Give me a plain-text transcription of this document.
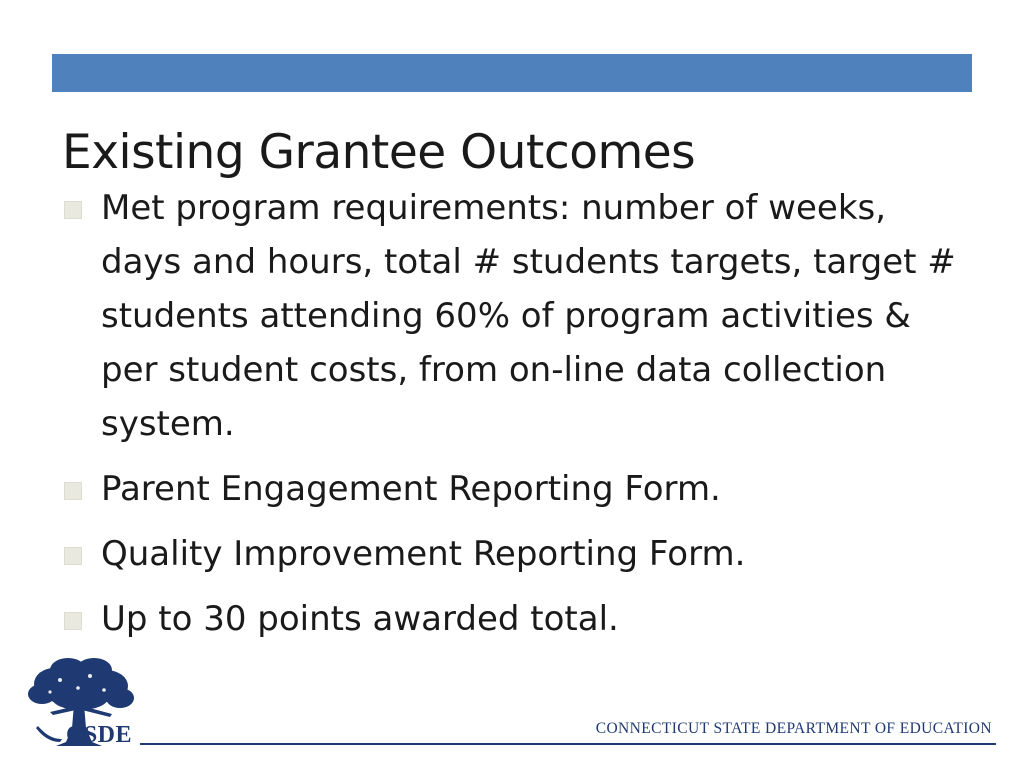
Existing Grantee Outcomes
Met program requirements: number of weeks, days and hours, total # students targets, target # students attending 60% of program activities & per student costs, from on-line data collection system.
Parent Engagement Reporting Form.
Quality Improvement Reporting Form.
Up to 30 points awarded total.
CSDE	CONNECTICUT STATE DEPARTMENT OF EDUCATION
